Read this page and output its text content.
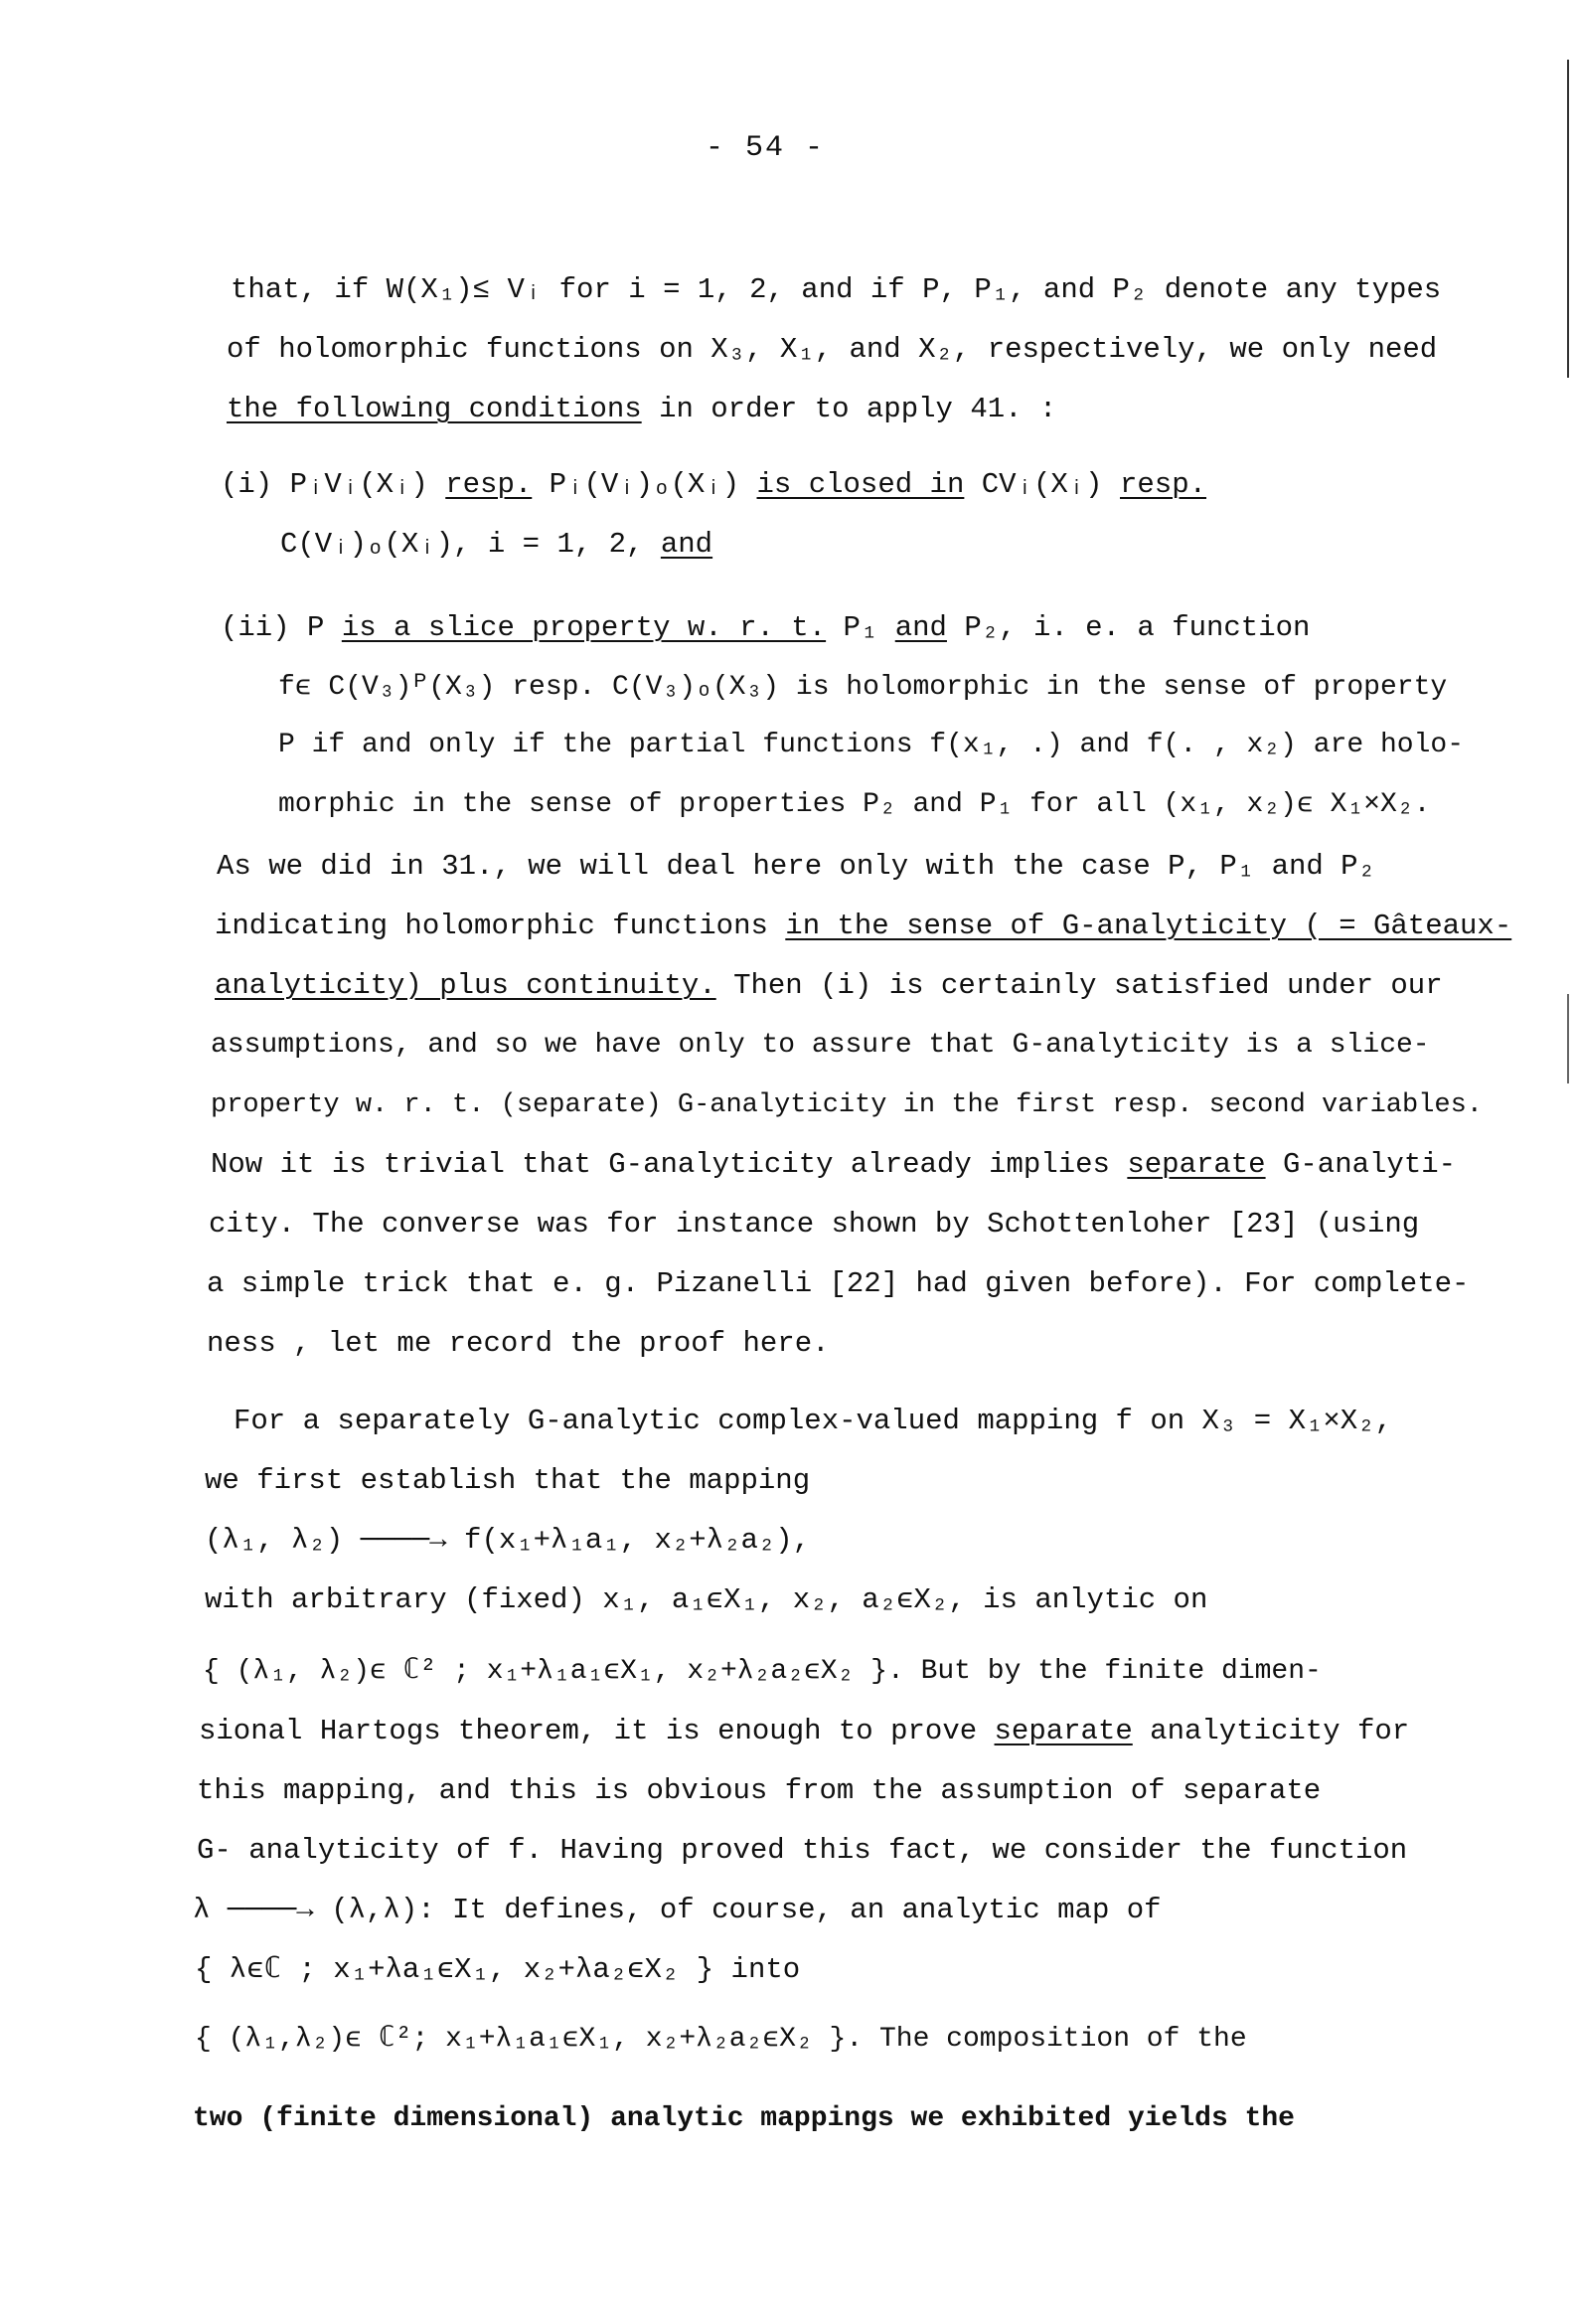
- 54 -
that, if W(X₁)≤ Vᵢ for i = 1, 2, and if P, P₁, and P₂ denote any types
of holomorphic functions on X₃, X₁, and X₂, respectively, we only need
the following conditions in order to apply 41. :
(i) PᵢVᵢ(Xᵢ) resp. Pᵢ(Vᵢ)ₒ(Xᵢ) is closed in CVᵢ(Xᵢ) resp.
C(Vᵢ)ₒ(Xᵢ), i = 1, 2, and
(ii) P is a slice property w. r. t. P₁ and P₂, i. e. a function
fϵ C(V₃)ᴾ(X₃) resp. C(V₃)ₒ(X₃) is holomorphic in the sense of property
P if and only if the partial functions f(x₁, .) and f(. , x₂) are holo-
morphic in the sense of properties P₂ and P₁ for all (x₁, x₂)ϵ X₁×X₂.
As we did in 31., we will deal here only with the case P, P₁ and P₂
indicating holomorphic functions in the sense of G-analyticity ( = Gâteaux-
analyticity) plus continuity. Then (i) is certainly satisfied under our
assumptions, and so we have only to assure that G-analyticity is a slice-
property w. r. t. (separate) G-analyticity in the first resp. second variables.
Now it is trivial that G-analyticity already implies separate G-analyti-
city. The converse was for instance shown by Schottenloher [23] (using
a simple trick that e. g. Pizanelli [22] had given before). For complete-
ness , let me record the proof here.
For a separately G-analytic complex-valued mapping f on X₃ = X₁×X₂,
we first establish that the mapping
(λ₁, λ₂) ────→ f(x₁+λ₁a₁, x₂+λ₂a₂),
with arbitrary (fixed) x₁, a₁ϵX₁, x₂, a₂ϵX₂, is anlytic on
{ (λ₁, λ₂)ϵ ℂ² ; x₁+λ₁a₁ϵX₁, x₂+λ₂a₂ϵX₂ }. But by the finite dimen-
sional Hartogs theorem, it is enough to prove separate analyticity for
this mapping, and this is obvious from the assumption of separate
G- analyticity of f. Having proved this fact, we consider the function
λ ────→ (λ,λ): It defines, of course, an analytic map of
{ λϵℂ ; x₁+λa₁ϵX₁, x₂+λa₂ϵX₂ } into
{ (λ₁,λ₂)ϵ ℂ²; x₁+λ₁a₁ϵX₁, x₂+λ₂a₂ϵX₂ }. The composition of the
two (finite dimensional) analytic mappings we exhibited yields the
